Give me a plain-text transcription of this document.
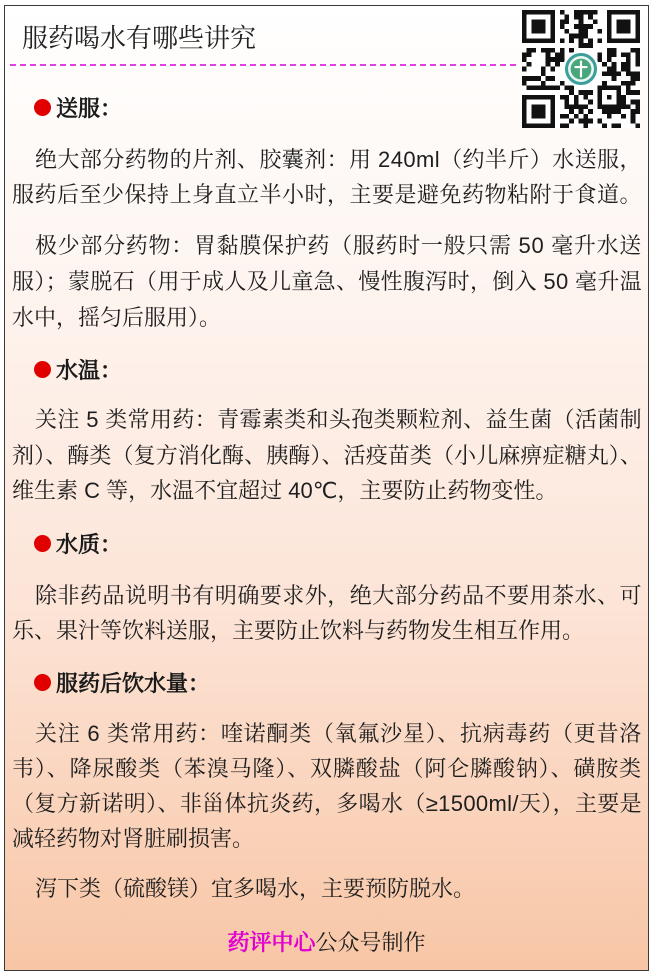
服药喝水有哪些讲究
送服：
绝大部分药物的片剂、胶囊剂：用 240ml（约半斤）水送服，
服药后至少保持上身直立半小时，主要是避免药物粘附于食道。
极少部分药物：胃黏膜保护药（服药时一般只需 50 毫升水送
服）；蒙脱石（用于成人及儿童急、慢性腹泻时，倒入 50 毫升温
水中，摇匀后服用）。
水温：
关注 5 类常用药：青霉素类和头孢类颗粒剂、益生菌（活菌制
剂）、酶类（复方消化酶、胰酶）、活疫苗类（小儿麻痹症糖丸）、
维生素 C 等，水温不宜超过 40℃，主要防止药物变性。
水质：
除非药品说明书有明确要求外，绝大部分药品不要用茶水、可
乐、果汁等饮料送服，主要防止饮料与药物发生相互作用。
服药后饮水量：
关注 6 类常用药：喹诺酮类（氧氟沙星）、抗病毒药（更昔洛
韦）、降尿酸类（苯溴马隆）、双膦酸盐（阿仑膦酸钠）、磺胺类
（复方新诺明）、非甾体抗炎药，多喝水（≥1500ml/天），主要是
减轻药物对肾脏刷损害。
泻下类（硫酸镁）宜多喝水，主要预防脱水。
药评中心公众号制作
